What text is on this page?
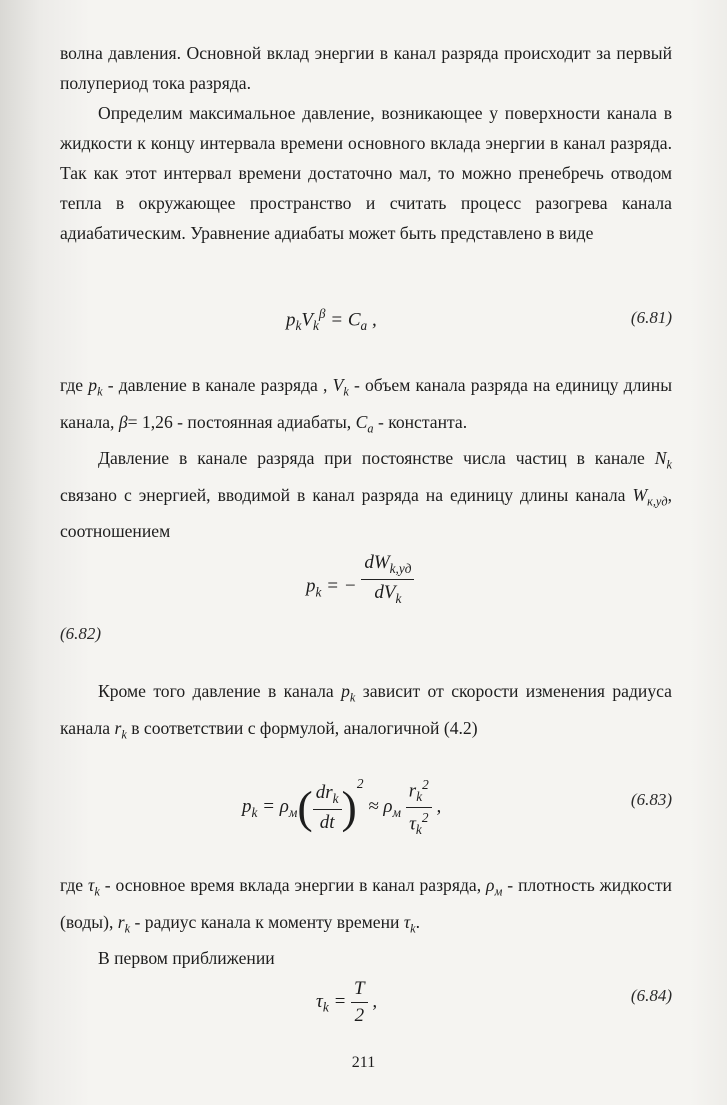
волна давления. Основной вклад энергии в канал разряда происходит за первый полупериод тока разряда.

Определим максимальное давление, возникающее у поверхности канала в жидкости к концу интервала времени основного вклада энергии в канал разряда. Так как этот интервал времени достаточно мал, то можно пренебречь отводом тепла в окружающее пространство и считать процесс разогрева канала адиабатическим. Уравнение адиабаты может быть представлено в виде

$p_kV_k^\beta = C_a$ ,	(6.81)

где $p_k$ - давление в канале разряда , $V_k$ - объем канала разряда на единицу длины канала, β= 1,26 - постоянная адиабаты, $C_a$ - константа.

Давление в канале разряда при постоянстве числа частиц в канале $N_k$ связано с энергией, вводимой в канал разряда на единицу длины канала $W_{к,уд}$, соотношением

$p_k$ = − $\frac{dW_{k,уд}}{dV_k}$
(6.82)

Кроме того давление в канала $p_k$ зависит от скорости изменения радиуса канала $r_k$ в соответствии с формулой, аналогичной (4.2)

$p_k = \rho_м( \frac{dr_k}{dt} )^2 \approx \rho_м \frac{r_k^2}{\tau_k^2}$ ,	(6.83)

где $\tau_k$ - основное время вклада энергии в канал разряда, $\rho_м$ - плотность жидкости (воды), $r_k$ - радиус канала к моменту времени $\tau_k$.

В первом приближении

$\tau_k = \frac{T}{2}$ ,	(6.84)
211
